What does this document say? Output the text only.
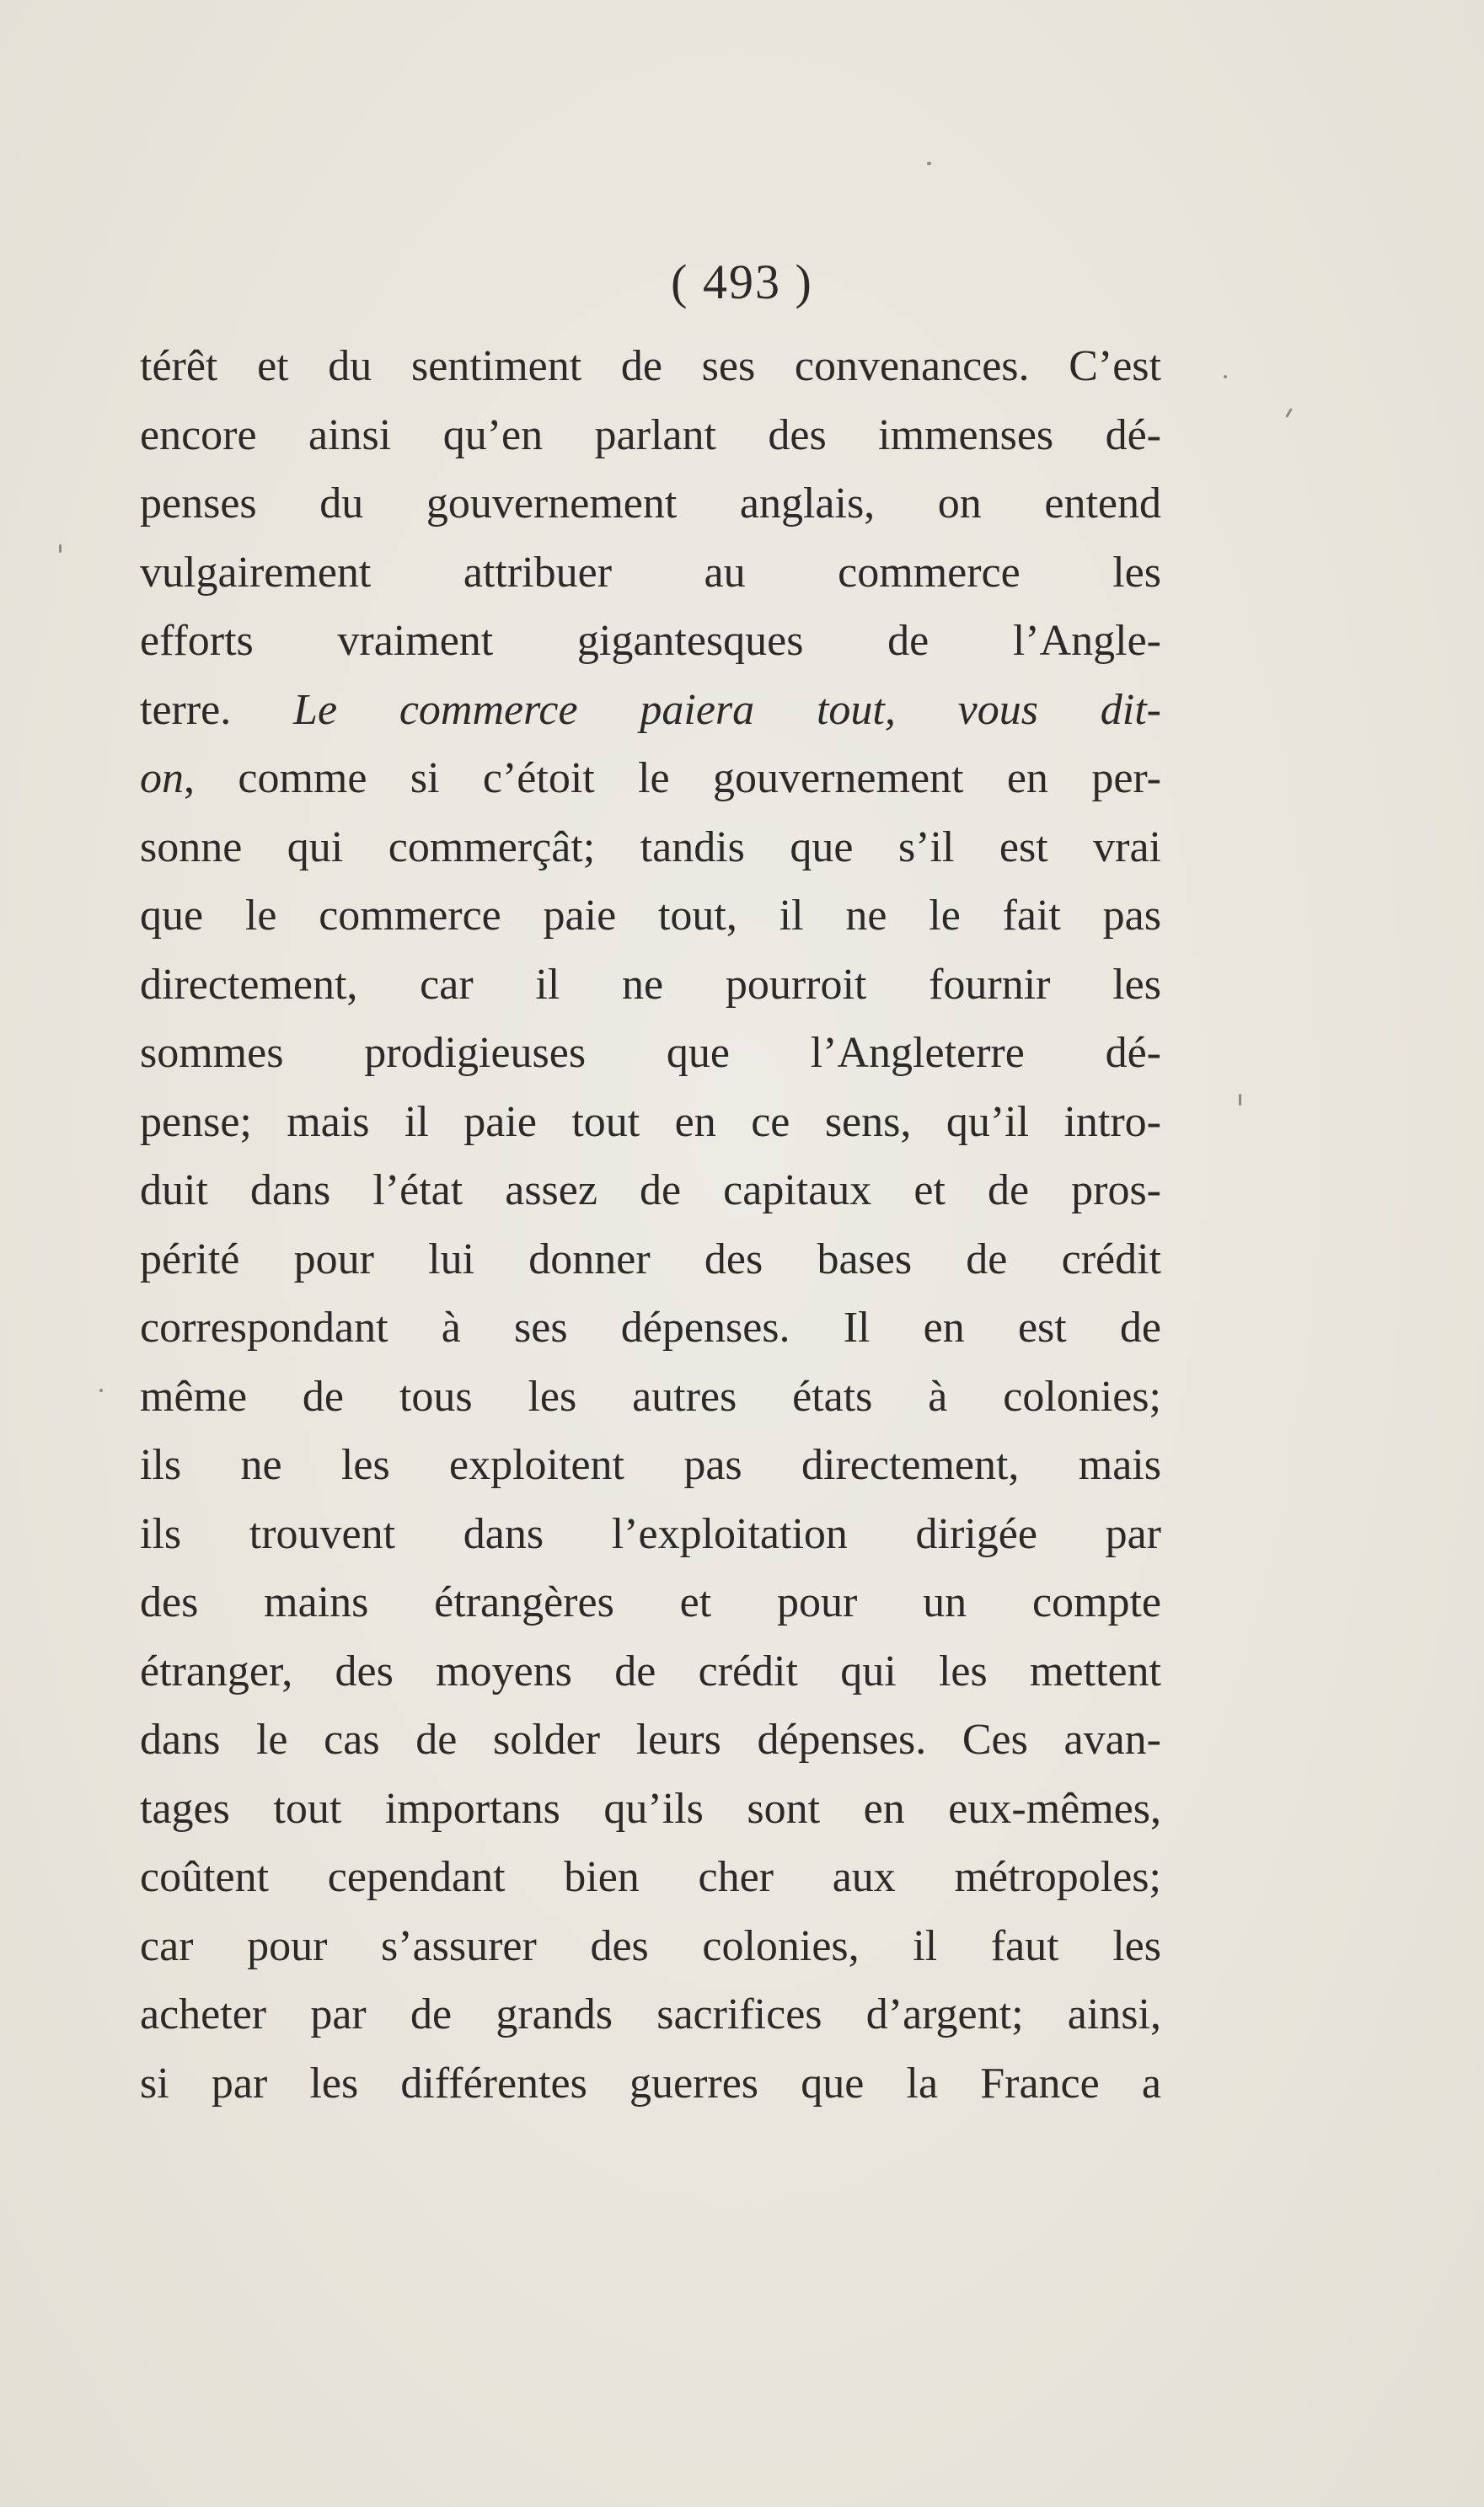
( 493 )
térêt et du sentiment de ses convenances. C’est
encore ainsi qu’en parlant des immenses dé-
penses du gouvernement anglais, on entend
vulgairement attribuer au commerce les
efforts vraiment gigantesques de l’Angle-
terre. Le commerce paiera tout, vous dit-
on, comme si c’étoit le gouvernement en per-
sonne qui commerçât; tandis que s’il est vrai
que le commerce paie tout, il ne le fait pas
directement, car il ne pourroit fournir les
sommes prodigieuses que l’Angleterre dé-
pense; mais il paie tout en ce sens, qu’il intro-
duit dans l’état assez de capitaux et de pros-
périté pour lui donner des bases de crédit
correspondant à ses dépenses. Il en est de
même de tous les autres états à colonies;
ils ne les exploitent pas directement, mais
ils trouvent dans l’exploitation dirigée par
des mains étrangères et pour un compte
étranger, des moyens de crédit qui les mettent
dans le cas de solder leurs dépenses. Ces avan-
tages tout importans qu’ils sont en eux-mêmes,
coûtent cependant bien cher aux métropoles;
car pour s’assurer des colonies, il faut les
acheter par de grands sacrifices d’argent; ainsi,
si par les différentes guerres que la France a
